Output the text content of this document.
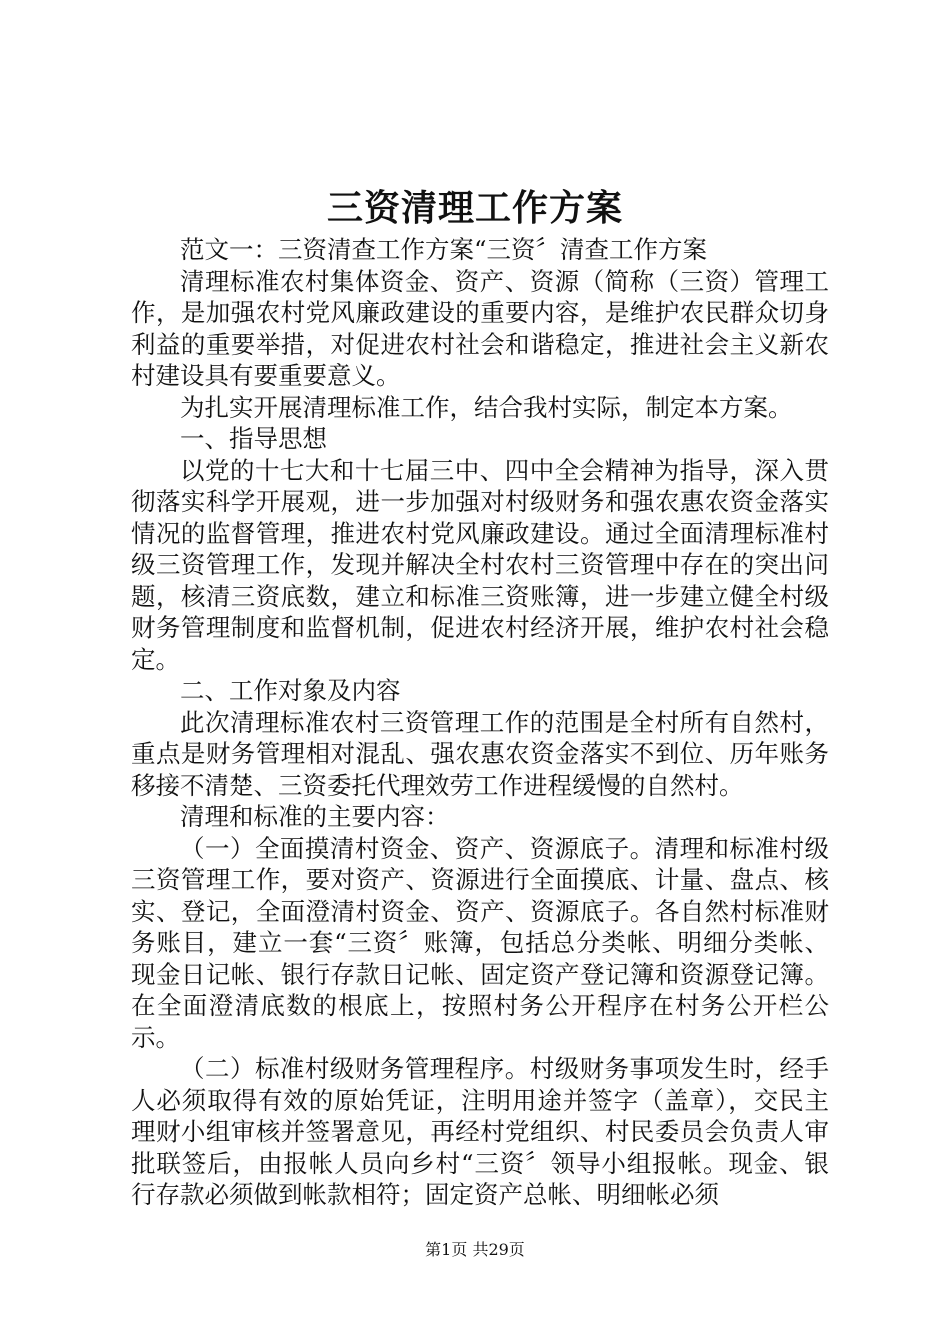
三资清理工作方案

范文一：三资清查工作方案“三资〞清查工作方案

清理标准农村集体资金、资产、资源（简称（三资）管理工作，是加强农村党风廉政建设的重要内容，是维护农民群众切身利益的重要举措，对促进农村社会和谐稳定，推进社会主义新农村建设具有要重要意义。

为扎实开展清理标准工作，结合我村实际，制定本方案。

一、指导思想

以党的十七大和十七届三中、四中全会精神为指导，深入贯彻落实科学开展观，进一步加强对村级财务和强农惠农资金落实情况的监督管理，推进农村党风廉政建设。通过全面清理标准村级三资管理工作，发现并解决全村农村三资管理中存在的突出问题，核清三资底数，建立和标准三资账簿，进一步建立健全村级财务管理制度和监督机制，促进农村经济开展，维护农村社会稳定。

二、工作对象及内容

此次清理标准农村三资管理工作的范围是全村所有自然村，重点是财务管理相对混乱、强农惠农资金落实不到位、历年账务移接不清楚、三资委托代理效劳工作进程缓慢的自然村。

清理和标准的主要内容：

（一）全面摸清村资金、资产、资源底子。清理和标准村级三资管理工作，要对资产、资源进行全面摸底、计量、盘点、核实、登记，全面澄清村资金、资产、资源底子。各自然村标准财务账目，建立一套“三资〞账簿，包括总分类帐、明细分类帐、现金日记帐、银行存款日记帐、固定资产登记簿和资源登记簿。在全面澄清底数的根底上，按照村务公开程序在村务公开栏公示。

（二）标准村级财务管理程序。村级财务事项发生时，经手人必须取得有效的原始凭证，注明用途并签字（盖章），交民主理财小组审核并签署意见，再经村党组织、村民委员会负责人审批联签后，由报帐人员向乡村“三资〞领导小组报帐。现金、银行存款必须做到帐款相符；固定资产总帐、明细帐必须

第1页 共29页
